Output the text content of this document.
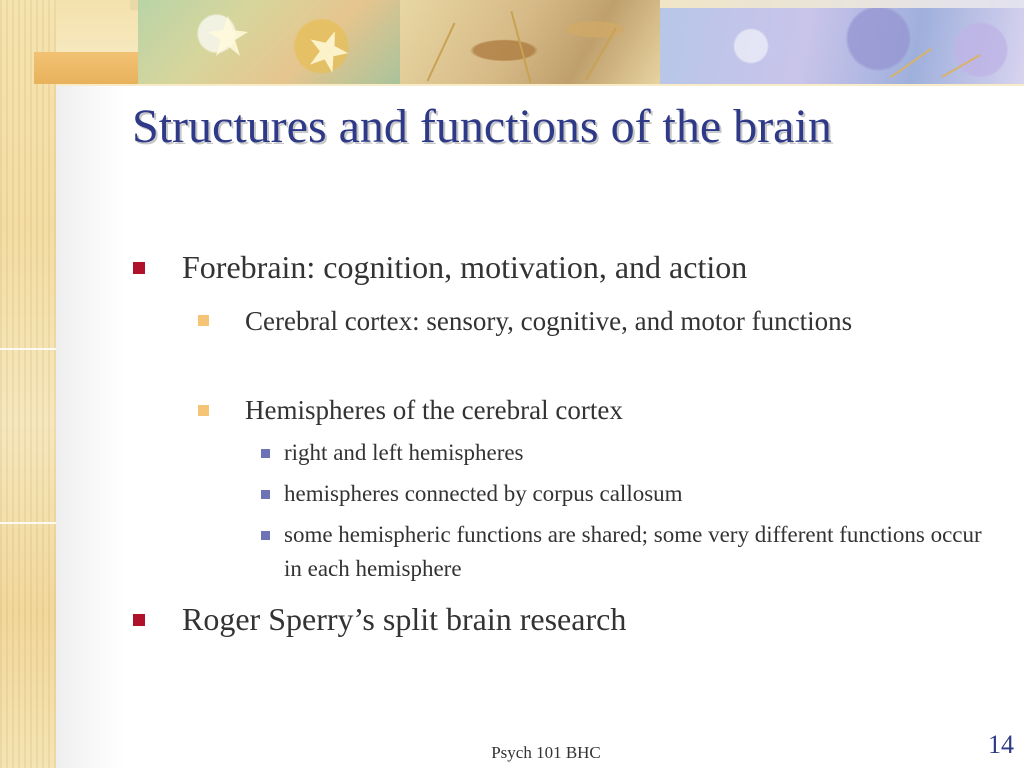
Structures and functions of the brain
Forebrain: cognition, motivation, and action
Cerebral cortex: sensory, cognitive, and motor functions
Hemispheres of the cerebral cortex
right and left hemispheres
hemispheres connected by corpus callosum
some hemispheric functions are shared; some very different functions occur in each hemisphere
Roger Sperry’s split brain research
Psych 101 BHC	14
